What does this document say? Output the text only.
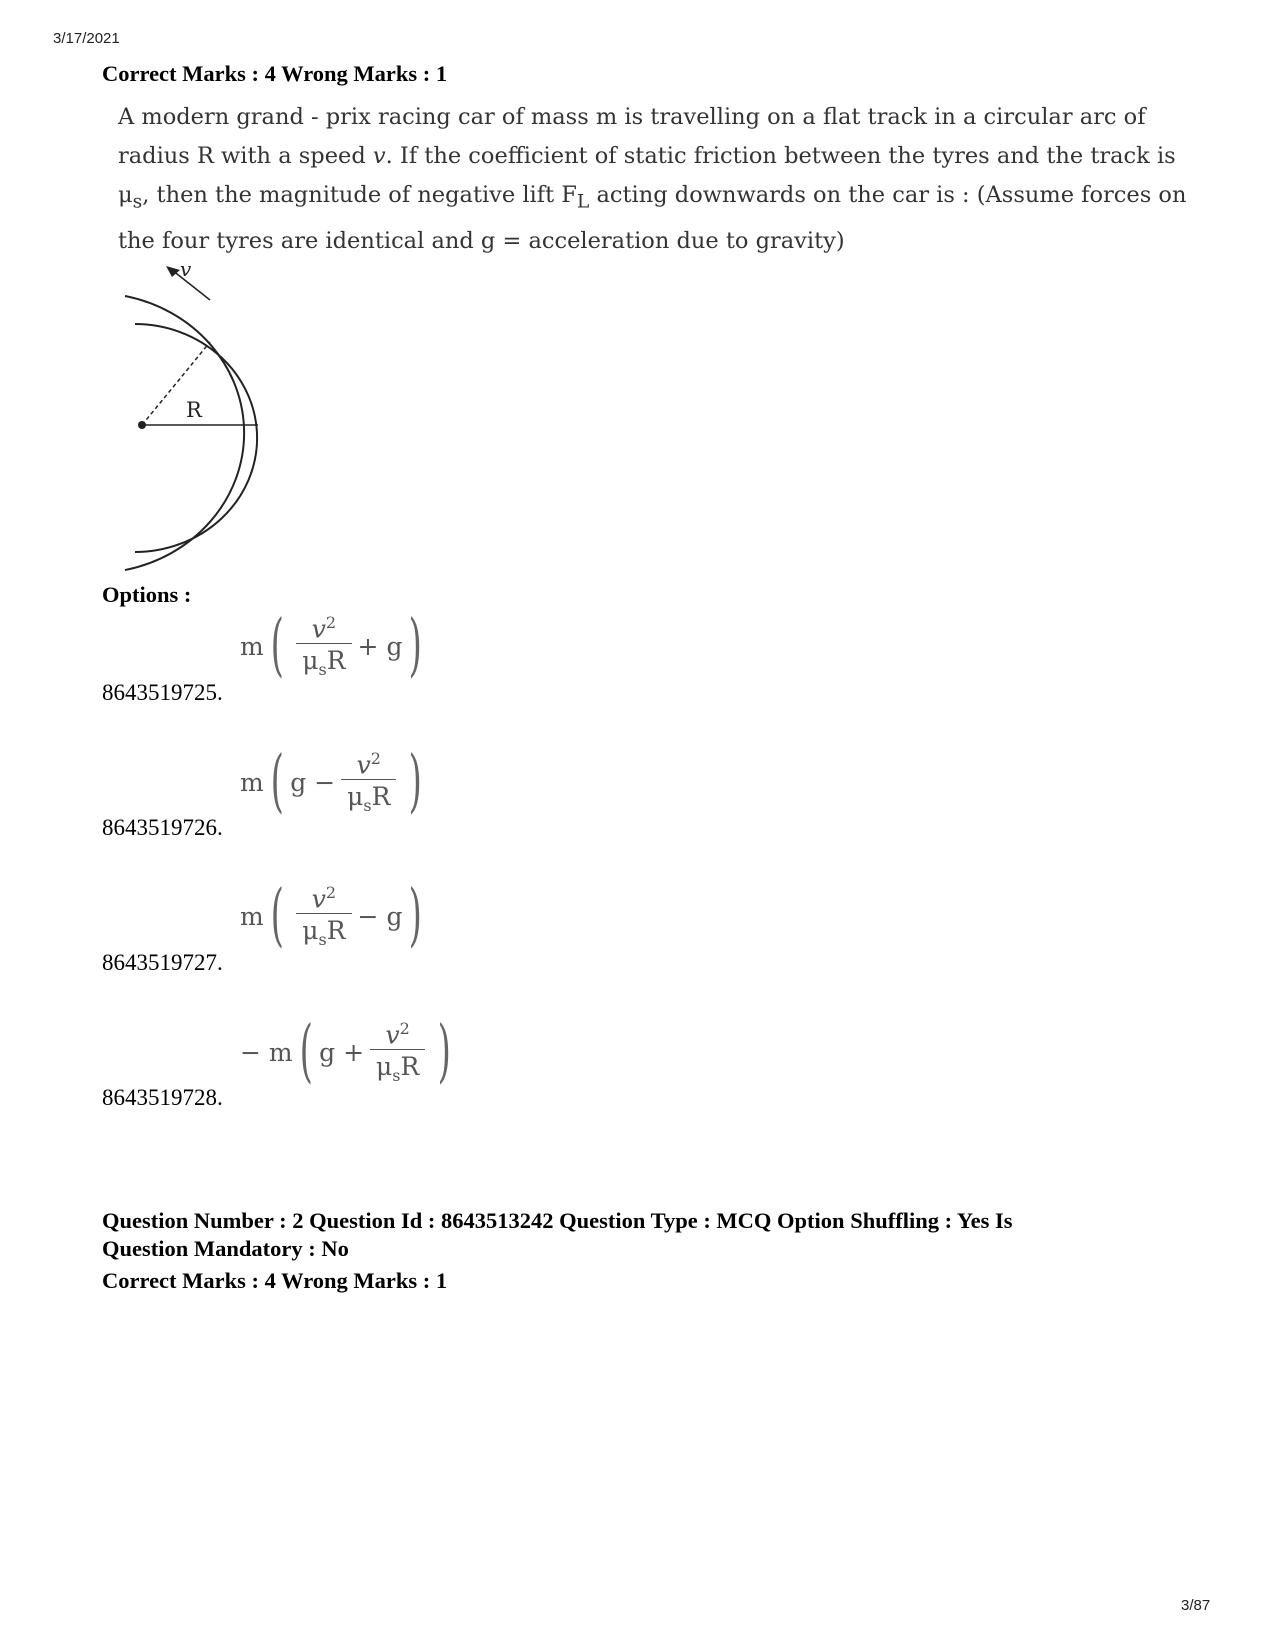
3/17/2021
Correct Marks : 4 Wrong Marks : 1
A modern grand - prix racing car of mass m is travelling on a flat track in a circular arc of radius R with a speed v. If the coefficient of static friction between the tyres and the track is $\mu_s$, then the magnitude of negative lift $F_L$ acting downwards on the car is : (Assume forces on the four tyres are identical and g = acceleration due to gravity)
v
R
Options :
8643519725.
m ( $\frac{v^2}{\mu_sR} + g$ )
8643519726.
m ( $g - \frac{v^2}{\mu_sR}$ )
8643519727.
m ( $\frac{v^2}{\mu_sR} - g$ )
8643519728.
− m ( $g + \frac{v^2}{\mu_sR}$ )
Question Number : 2 Question Id : 8643513242 Question Type : MCQ Option Shuffling : Yes Is
Question Mandatory : No
Correct Marks : 4 Wrong Marks : 1
3/87
